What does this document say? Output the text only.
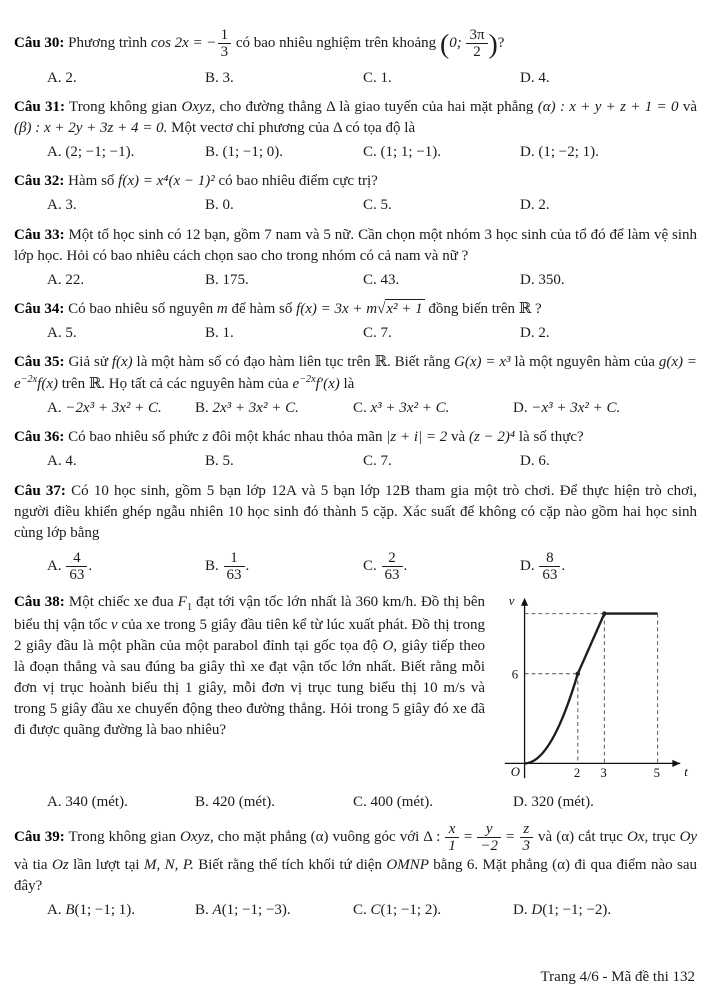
Câu 30: Phương trình cos 2x = − $\frac{1}{3}$ có bao nhiêu nghiệm trên khoảng (0; $\frac{3\pi}{2}$ )?

A. 2.	B. 3.	C. 1.	D. 4.

Câu 31: Trong không gian Oxyz, cho đường thẳng Δ là giao tuyến của hai mặt phẳng (α) : x + y + z + 1 = 0 và (β) : x + 2y + 3z + 4 = 0. Một vectơ chỉ phương của Δ có tọa độ là

A. (2; −1; −1).	B. (1; −1; 0).	C. (1; 1; −1).	D. (1; −2; 1).

Câu 32: Hàm số f(x) = x⁴(x − 1)² có bao nhiêu điểm cực trị?

A. 3.	B. 0.	C. 5.	D. 2.

Câu 33: Một tổ học sinh có 12 bạn, gồm 7 nam và 5 nữ. Cần chọn một nhóm 3 học sinh của tổ đó để làm vệ sinh lớp học. Hỏi có bao nhiêu cách chọn sao cho trong nhóm có cả nam và nữ ?

A. 22.	B. 175.	C. 43.	D. 350.

Câu 34: Có bao nhiêu số nguyên m để hàm số f(x) = 3x + m√x² + 1 đồng biến trên ℝ ?

A. 5.	B. 1.	C. 7.	D. 2.

Câu 35: Giả sử f(x) là một hàm số có đạo hàm liên tục trên ℝ. Biết rằng G(x) = x³ là một nguyên hàm của $g(x) = e^{-2x}f(x)$ trên ℝ. Họ tất cả các nguyên hàm của $e^{-2x}f'(x)$ là

A. −2x³ + 3x² + C.	B. 2x³ + 3x² + C.	C. x³ + 3x² + C.	D. −x³ + 3x² + C.

Câu 36: Có bao nhiêu số phức z đôi một khác nhau thỏa mãn |z + i| = 2 và (z − 2)⁴ là số thực?

A. 4.	B. 5.	C. 7.	D. 6.

Câu 37: Có 10 học sinh, gồm 5 bạn lớp 12A và 5 bạn lớp 12B tham gia một trò chơi. Để thực hiện trò chơi, người điều khiển ghép ngẫu nhiên 10 học sinh đó thành 5 cặp. Xác suất để không có cặp nào gồm hai học sinh cùng lớp bằng

A. $\frac{4}{63}$ .	B. $\frac{1}{63}$ .	C. $\frac{2}{63}$ .	D. $\frac{8}{63}$ .
v
t
O
6
2 3	5

Câu 38: Một chiếc xe đua $F_1$ đạt tới vận tốc lớn nhất là 360 km/h. Đồ thị bên biểu thị vận tốc v của xe trong 5 giây đầu tiên kể từ lúc xuất phát. Đồ thị trong 2 giây đầu là một phần của một parabol đỉnh tại gốc tọa độ O, giây tiếp theo là đoạn thẳng và sau đúng ba giây thì xe đạt vận tốc lớn nhất. Biết rằng mỗi đơn vị trục hoành biểu thị 1 giây, mỗi đơn vị trục tung biểu thị 10 m/s và trong 5 giây đầu xe chuyển động theo đường thẳng. Hỏi trong 5 giây đó xe đã đi được quãng đường là bao nhiêu?

A. 340 (mét).	B. 420 (mét).	C. 400 (mét).	D. 320 (mét).

Câu 39: Trong không gian Oxyz, cho mặt phẳng (α) vuông góc với Δ : $\frac{x}{1} = \frac{y}{-2} = \frac{z}{3}$ và (α) cắt trục Ox, trục Oy và tia Oz lần lượt tại M, N, P. Biết rằng thể tích khối tứ diện OMNP bằng 6. Mặt phẳng (α) đi qua điểm nào sau đây?

A. B(1; −1; 1).	B. A(1; −1; −3).	C. C(1; −1; 2).	D. D(1; −1; −2).
Trang 4/6 - Mã đề thi 132
